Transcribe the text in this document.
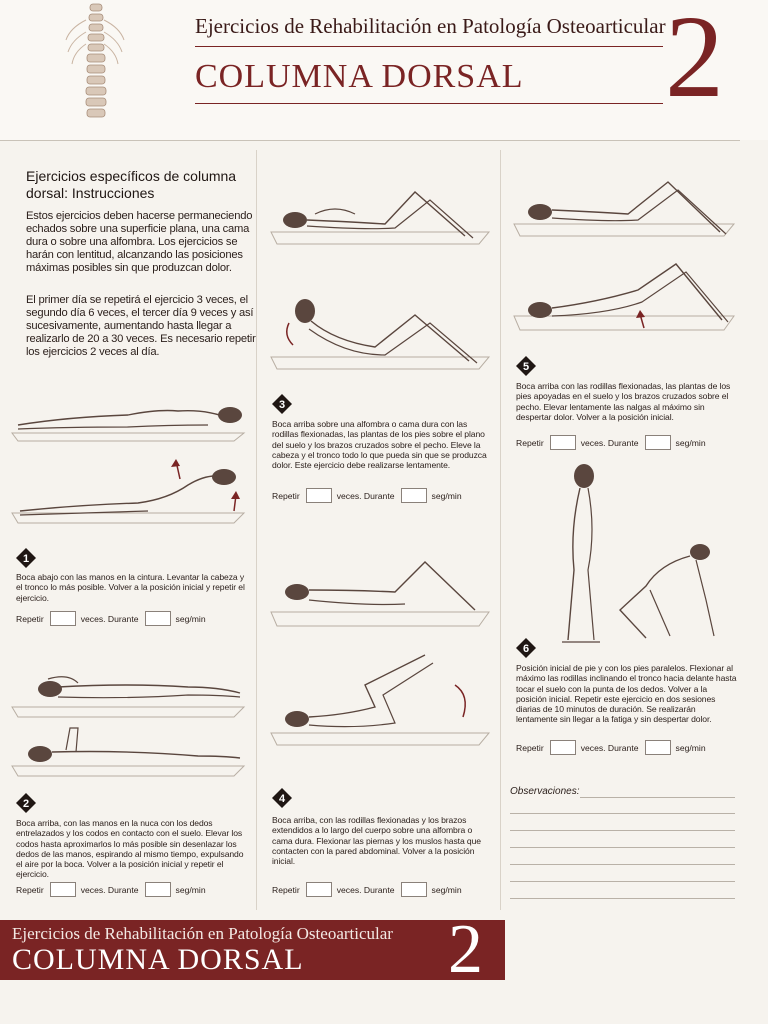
Ejercicios de Rehabilitación en Patología Osteoarticular
COLUMNA DORSAL 2
Ejercicios específicos de columna dorsal: Instrucciones
Estos ejercicios deben hacerse permaneciendo echados sobre una superficie plana, una cama dura o sobre una alfombra. Los ejercicios se harán con lentitud, alcanzando las posiciones máximas posibles sin que produzcan dolor.
El primer día se repetirá el ejercicio 3 veces, el segundo día 6 veces, el tercer día 9 veces y así sucesivamente, aumentando hasta llegar a realizarlo de 20 a 30 veces. Es necesario repetir los ejercicios 2 veces al día.
1
Boca abajo con las manos en la cintura. Levantar la cabeza y el tronco lo más posible. Volver a la posición inicial y repetir el ejercicio.
Repetir	veces. Durante	seg/min
2
Boca arriba, con las manos en la nuca con los dedos entrelazados y los codos en contacto con el suelo. Elevar los codos hasta aproximarlos lo más posible sin desenlazar los dedos de las manos, espirando al mismo tiempo, expulsando el aire por la boca. Volver a la posición inicial y repetir el ejercicio.
Repetir	veces. Durante	seg/min
3
Boca arriba sobre una alfombra o cama dura con las rodillas flexionadas, las plantas de los pies sobre el plano del suelo y los brazos cruzados sobre el pecho. Eleve la cabeza y el tronco todo lo que pueda sin que se produzca dolor. Este ejercicio debe realizarse lentamente.
Repetir	veces. Durante	seg/min
4
Boca arriba, con las rodillas flexionadas y los brazos extendidos a lo largo del cuerpo sobre una alfombra o cama dura. Flexionar las piernas y los muslos hasta que contacten con la pared abdominal. Volver a la posición inicial.
Repetir	veces. Durante	seg/min
5
Boca arriba con las rodillas flexionadas, las plantas de los pies apoyadas en el suelo y los brazos cruzados sobre el pecho. Elevar lentamente las nalgas al máximo sin despertar dolor. Volver a la posición inicial.
Repetir	veces. Durante	seg/min
6
Posición inicial de pie y con los pies paralelos. Flexionar al máximo las rodillas inclinando el tronco hacia delante hasta tocar el suelo con la punta de los dedos. Volver a la posición inicial. Repetir este ejercicio en dos sesiones diarias de 10 minutos de duración. Se realizarán lentamente sin llegar a la fatiga y sin despertar dolor.
Repetir	veces. Durante	seg/min
Observaciones:
Ejercicios de Rehabilitación en Patología Osteoarticular
COLUMNA DORSAL 2
